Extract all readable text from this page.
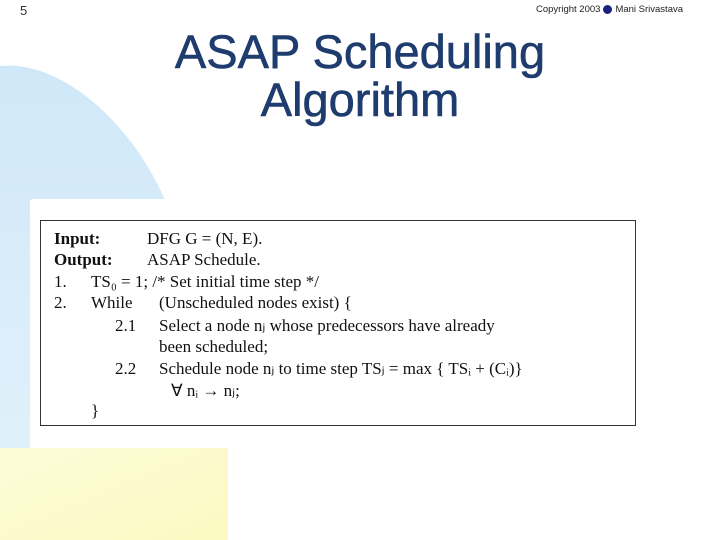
5	Copyright 2003 Mani Srivastava
ASAP Scheduling
Algorithm
Input:	DFG G = (N, E).
Output: ASAP Schedule.
1. TS₀ = 1; /* Set initial time step */
2. While (Unscheduled nodes exist) {
2.1 Select a node nⱼ whose predecessors have already
been scheduled;
2.2 Schedule node nⱼ to time step TSⱼ = max { TSᵢ + (Cᵢ)}
∀ nᵢ → nⱼ;
}
